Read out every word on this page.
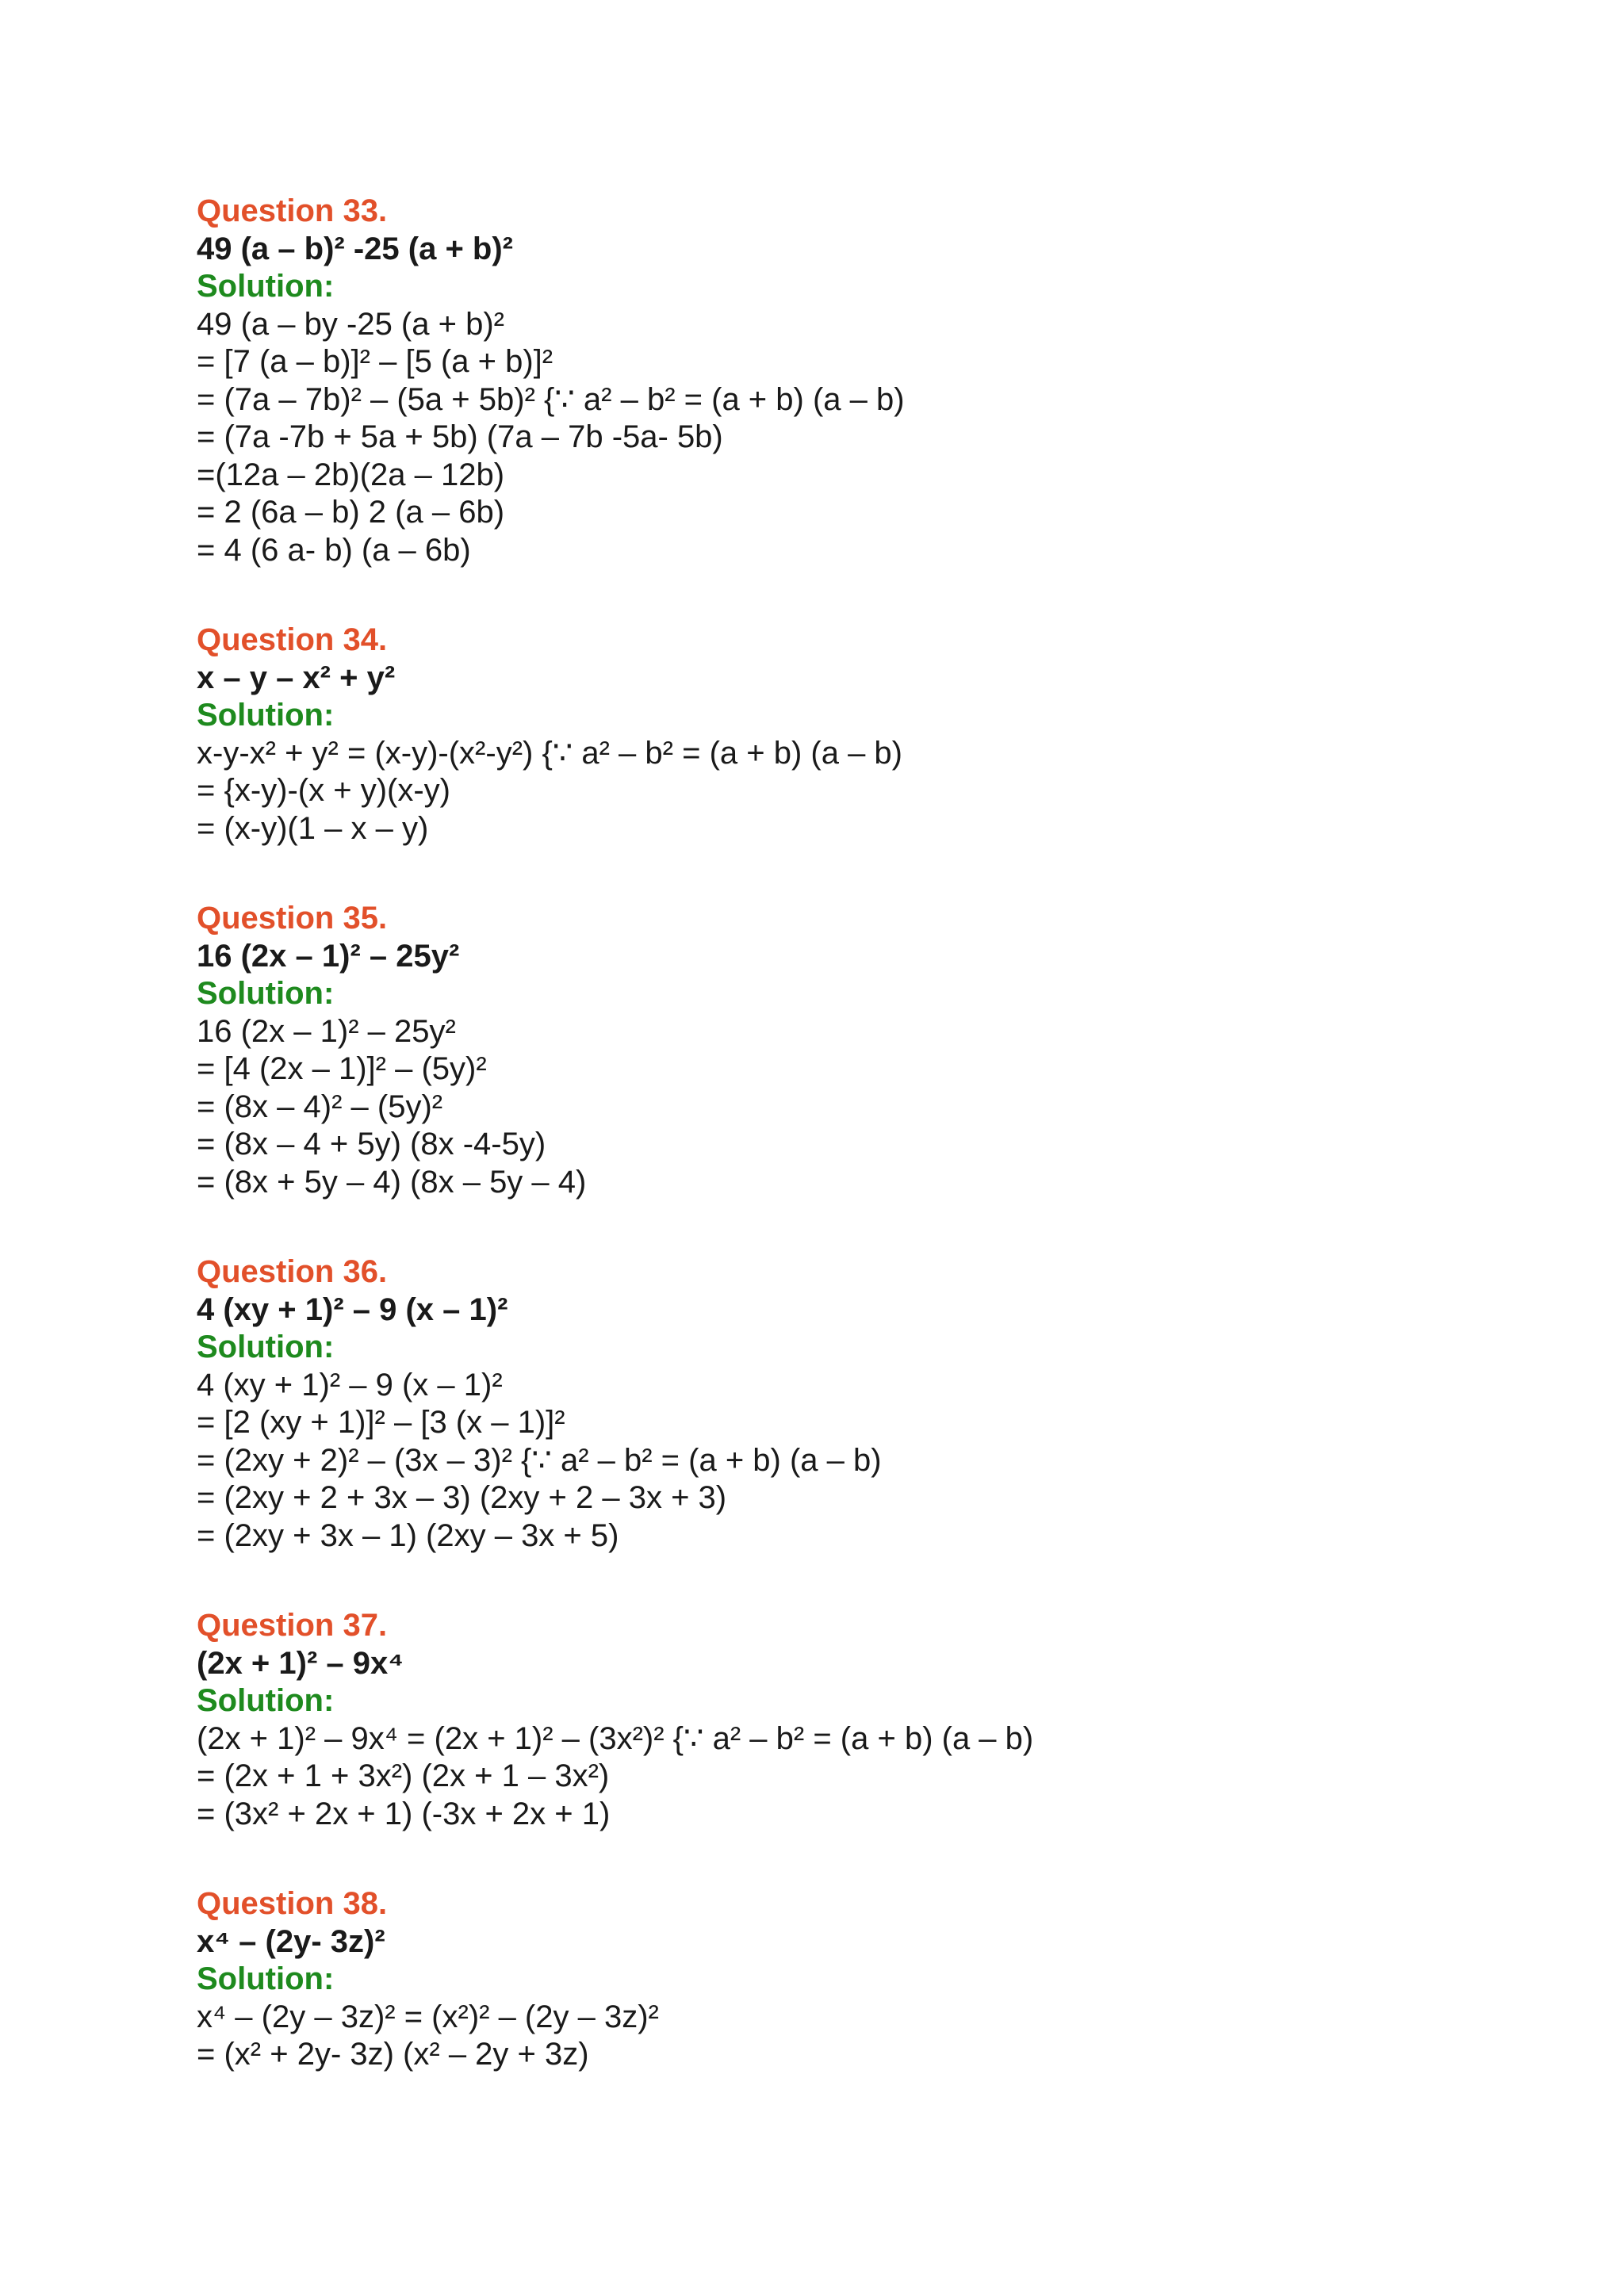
Question 33.
49 (a – b)² -25 (a + b)²
Solution:
49 (a – by -25 (a + b)²
= [7 (a – b)]² – [5 (a + b)]²
= (7a – 7b)² – (5a + 5b)² {∵ a² – b² = (a + b) (a – b)
= (7a -7b + 5a + 5b) (7a – 7b -5a- 5b)
=(12a – 2b)(2a – 12b)
= 2 (6a – b) 2 (a – 6b)
= 4 (6 a- b) (a – 6b)
Question 34.
x – y – x² + y²
Solution:
x-y-x² + y² = (x-y)-(x²-y²) {∵ a² – b² = (a + b) (a – b)
= {x-y)-(x + y)(x-y)
= (x-y)(1 – x – y)
Question 35.
16 (2x – 1)² – 25y²
Solution:
16 (2x – 1)² – 25y²
= [4 (2x – 1)]² – (5y)²
= (8x – 4)² – (5y)²
= (8x – 4 + 5y) (8x -4-5y)
= (8x + 5y – 4) (8x – 5y – 4)
Question 36.
4 (xy + 1)² – 9 (x – 1)²
Solution:
4 (xy + 1)² – 9 (x – 1)²
= [2 (xy + 1)]² – [3 (x – 1)]²
= (2xy + 2)² – (3x – 3)² {∵ a² – b² = (a + b) (a – b)
= (2xy + 2 + 3x – 3) (2xy + 2 – 3x + 3)
= (2xy + 3x – 1) (2xy – 3x + 5)
Question 37.
(2x + 1)² – 9x⁴
Solution:
(2x + 1)² – 9x⁴ = (2x + 1)² – (3x²)² {∵ a² – b² = (a + b) (a – b)
= (2x + 1 + 3x²) (2x + 1 – 3x²)
= (3x² + 2x + 1) (-3x + 2x + 1)
Question 38.
x⁴ – (2y- 3z)²
Solution:
x⁴ – (2y – 3z)² = (x²)² – (2y – 3z)²
= (x² + 2y- 3z) (x² – 2y + 3z)
